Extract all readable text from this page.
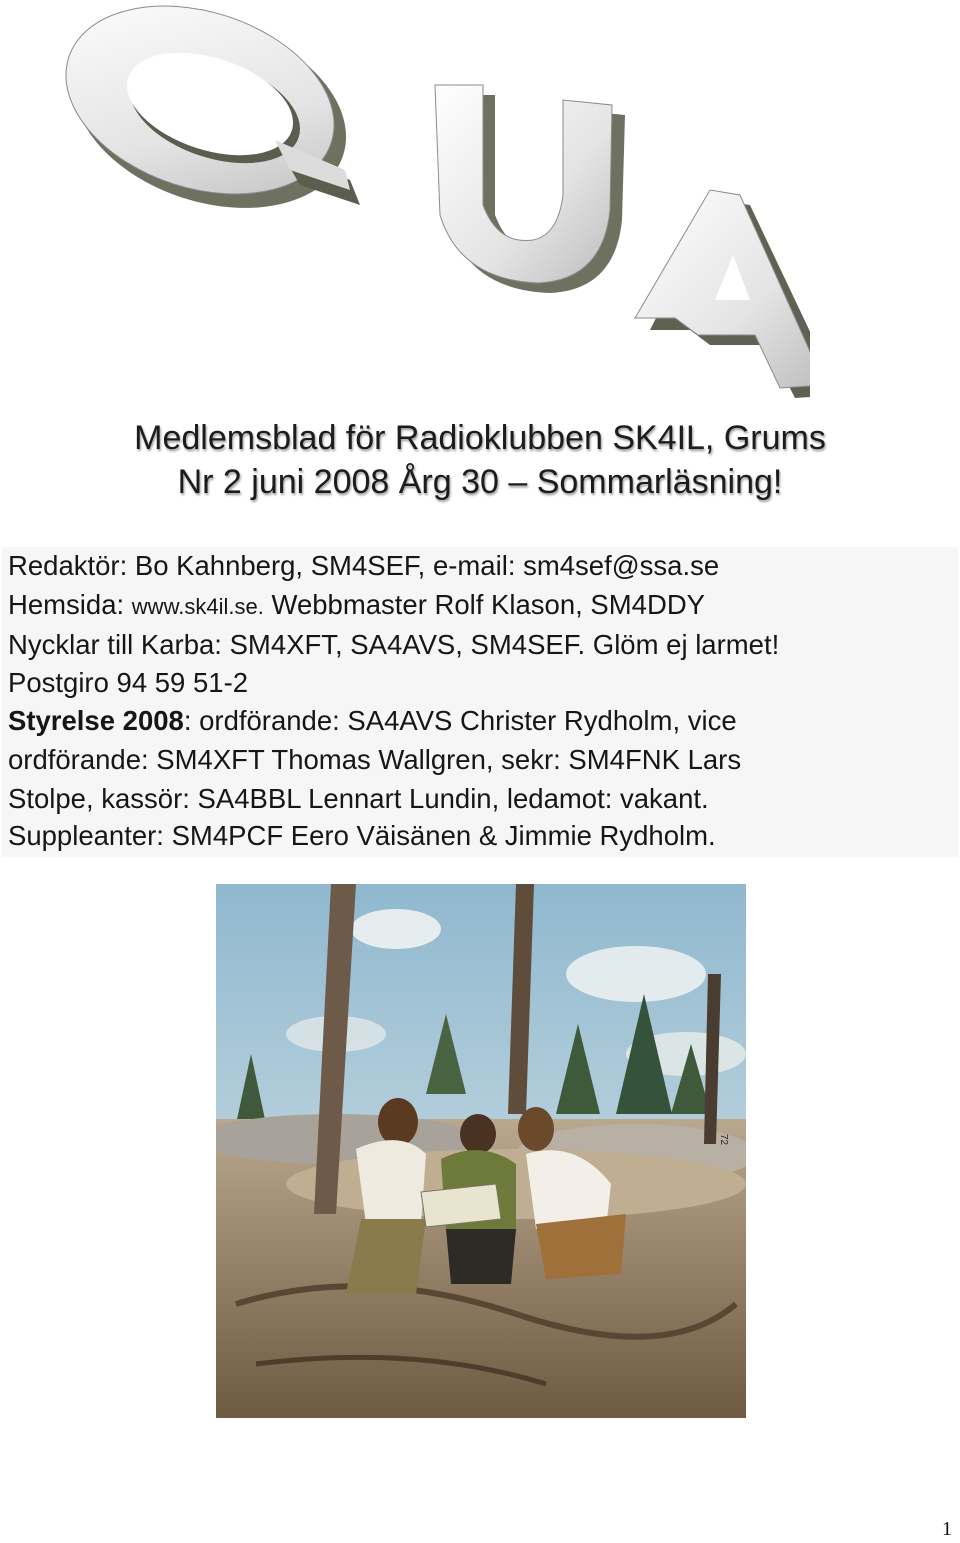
Medlemsblad för Radioklubben SK4IL, Grums
Nr 2 juni 2008 Årg 30 – Sommarläsning!
Redaktör: Bo Kahnberg, SM4SEF, e-mail: sm4sef@ssa.se
Hemsida: www.sk4il.se. Webbmaster Rolf Klason, SM4DDY
Nycklar till Karba: SM4XFT, SA4AVS, SM4SEF. Glöm ej larmet!
Postgiro 94 59 51-2
Styrelse 2008: ordförande: SA4AVS Christer Rydholm, vice
ordförande: SM4XFT Thomas Wallgren, sekr: SM4FNK Lars
Stolpe, kassör: SA4BBL Lennart Lundin, ledamot: vakant.
Suppleanter: SM4PCF Eero Väisänen & Jimmie Rydholm.
72
1
